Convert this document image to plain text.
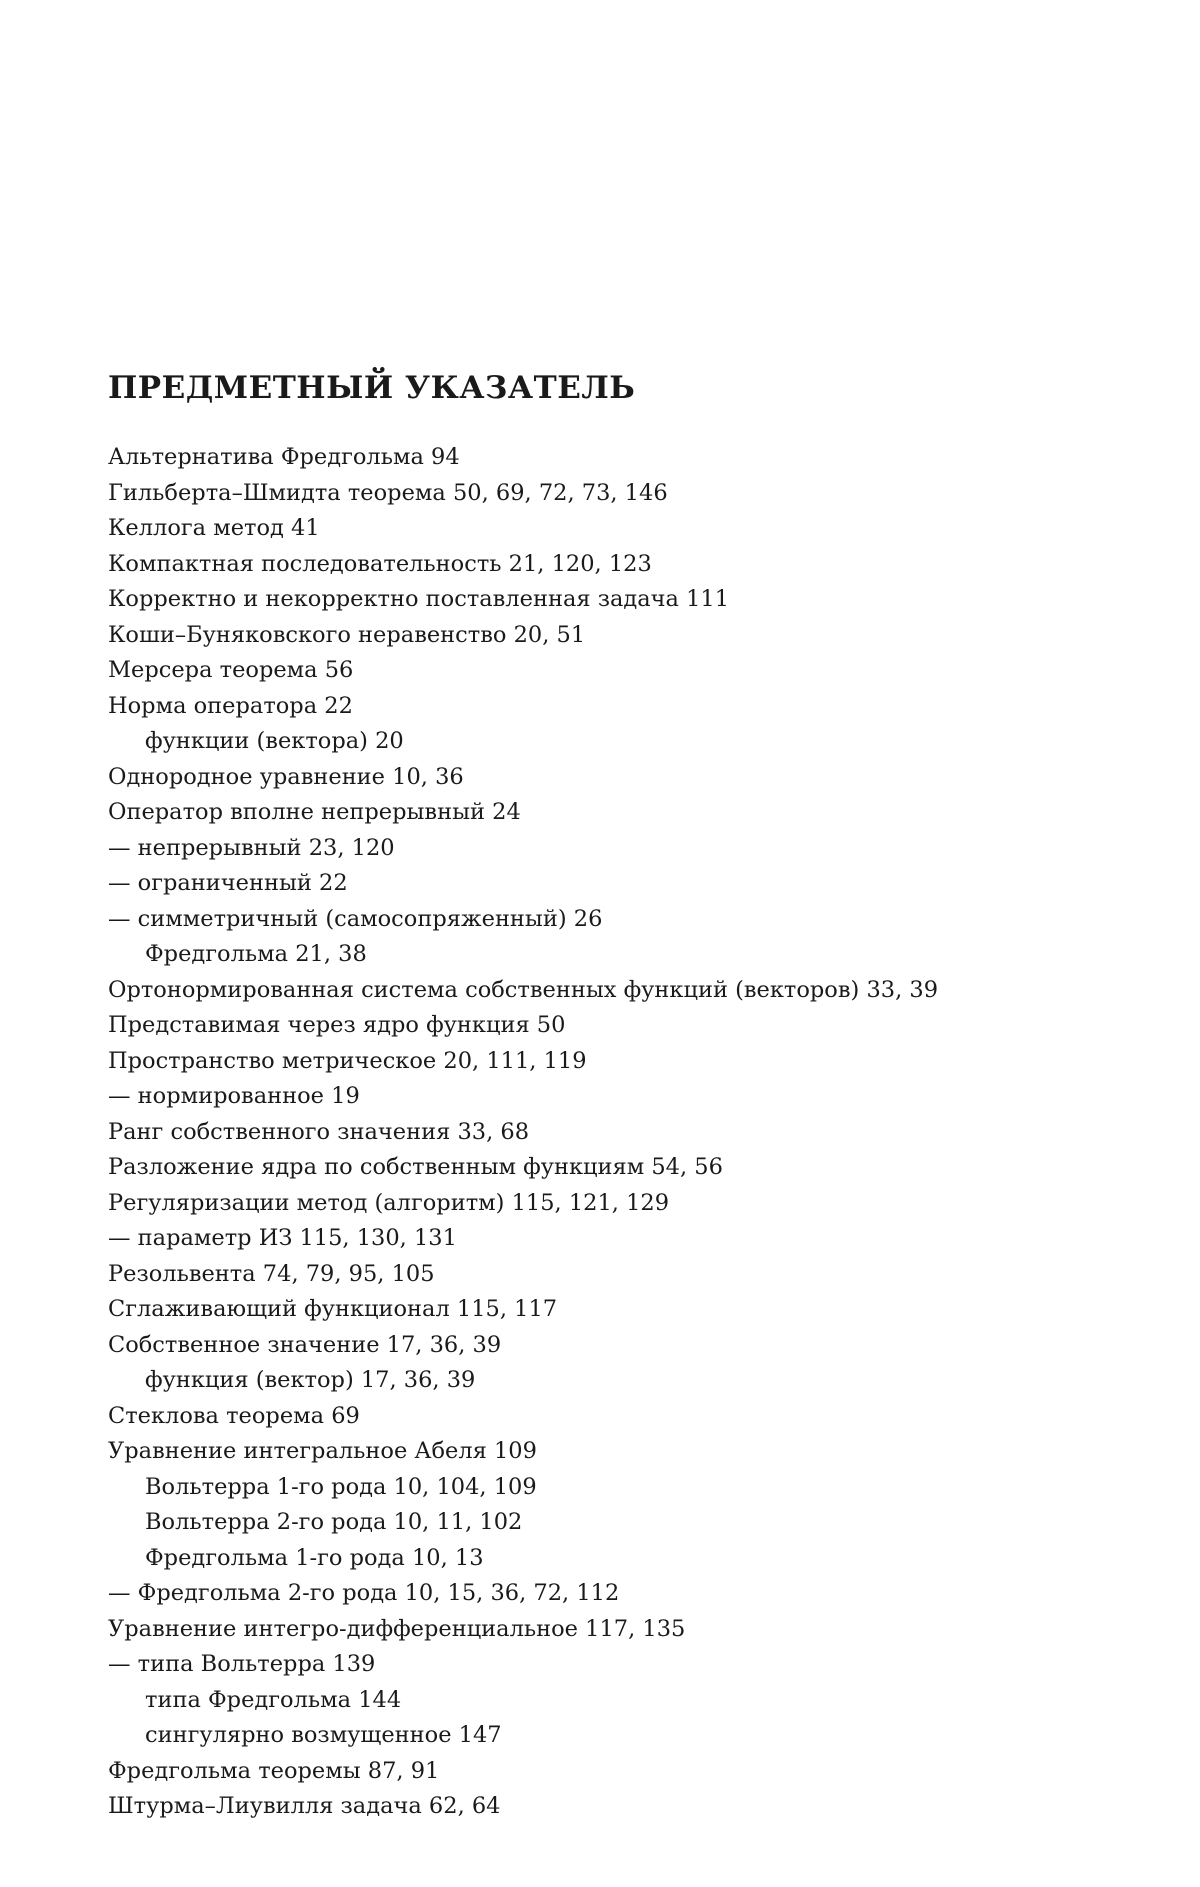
ПРЕДМЕТНЫЙ УКАЗАТЕЛЬ
Альтернатива Фредгольма 94
Гильберта–Шмидта теорема 50, 69, 72, 73, 146
Келлога метод 41
Компактная последовательность 21, 120, 123
Корректно и некорректно поставленная задача 111
Коши–Буняковского неравенство 20, 51
Мерсера теорема 56
Норма оператора 22
функции (вектора) 20
Однородное уравнение 10, 36
Оператор вполне непрерывный 24
— непрерывный 23, 120
— ограниченный 22
— симметричный (самосопряженный) 26
Фредгольма 21, 38
Ортонормированная система собственных функций (векторов) 33, 39
Представимая через ядро функция 50
Пространство метрическое 20, 111, 119
— нормированное 19
Ранг собственного значения 33, 68
Разложение ядра по собственным функциям 54, 56
Регуляризации метод (алгоритм) 115, 121, 129
— параметр ИЗ 115, 130, 131
Резольвента 74, 79, 95, 105
Сглаживающий функционал 115, 117
Собственное значение 17, 36, 39
функция (вектор) 17, 36, 39
Стеклова теорема 69
Уравнение интегральное Абеля 109
Вольтерра 1-го рода 10, 104, 109
Вольтерра 2-го рода 10, 11, 102
Фредгольма 1-го рода 10, 13
— Фредгольма 2-го рода 10, 15, 36, 72, 112
Уравнение интегро-дифференциальное 117, 135
— типа Вольтерра 139
типа Фредгольма 144
сингулярно возмущенное 147
Фредгольма теоремы 87, 91
Штурма–Лиувилля задача 62, 64
